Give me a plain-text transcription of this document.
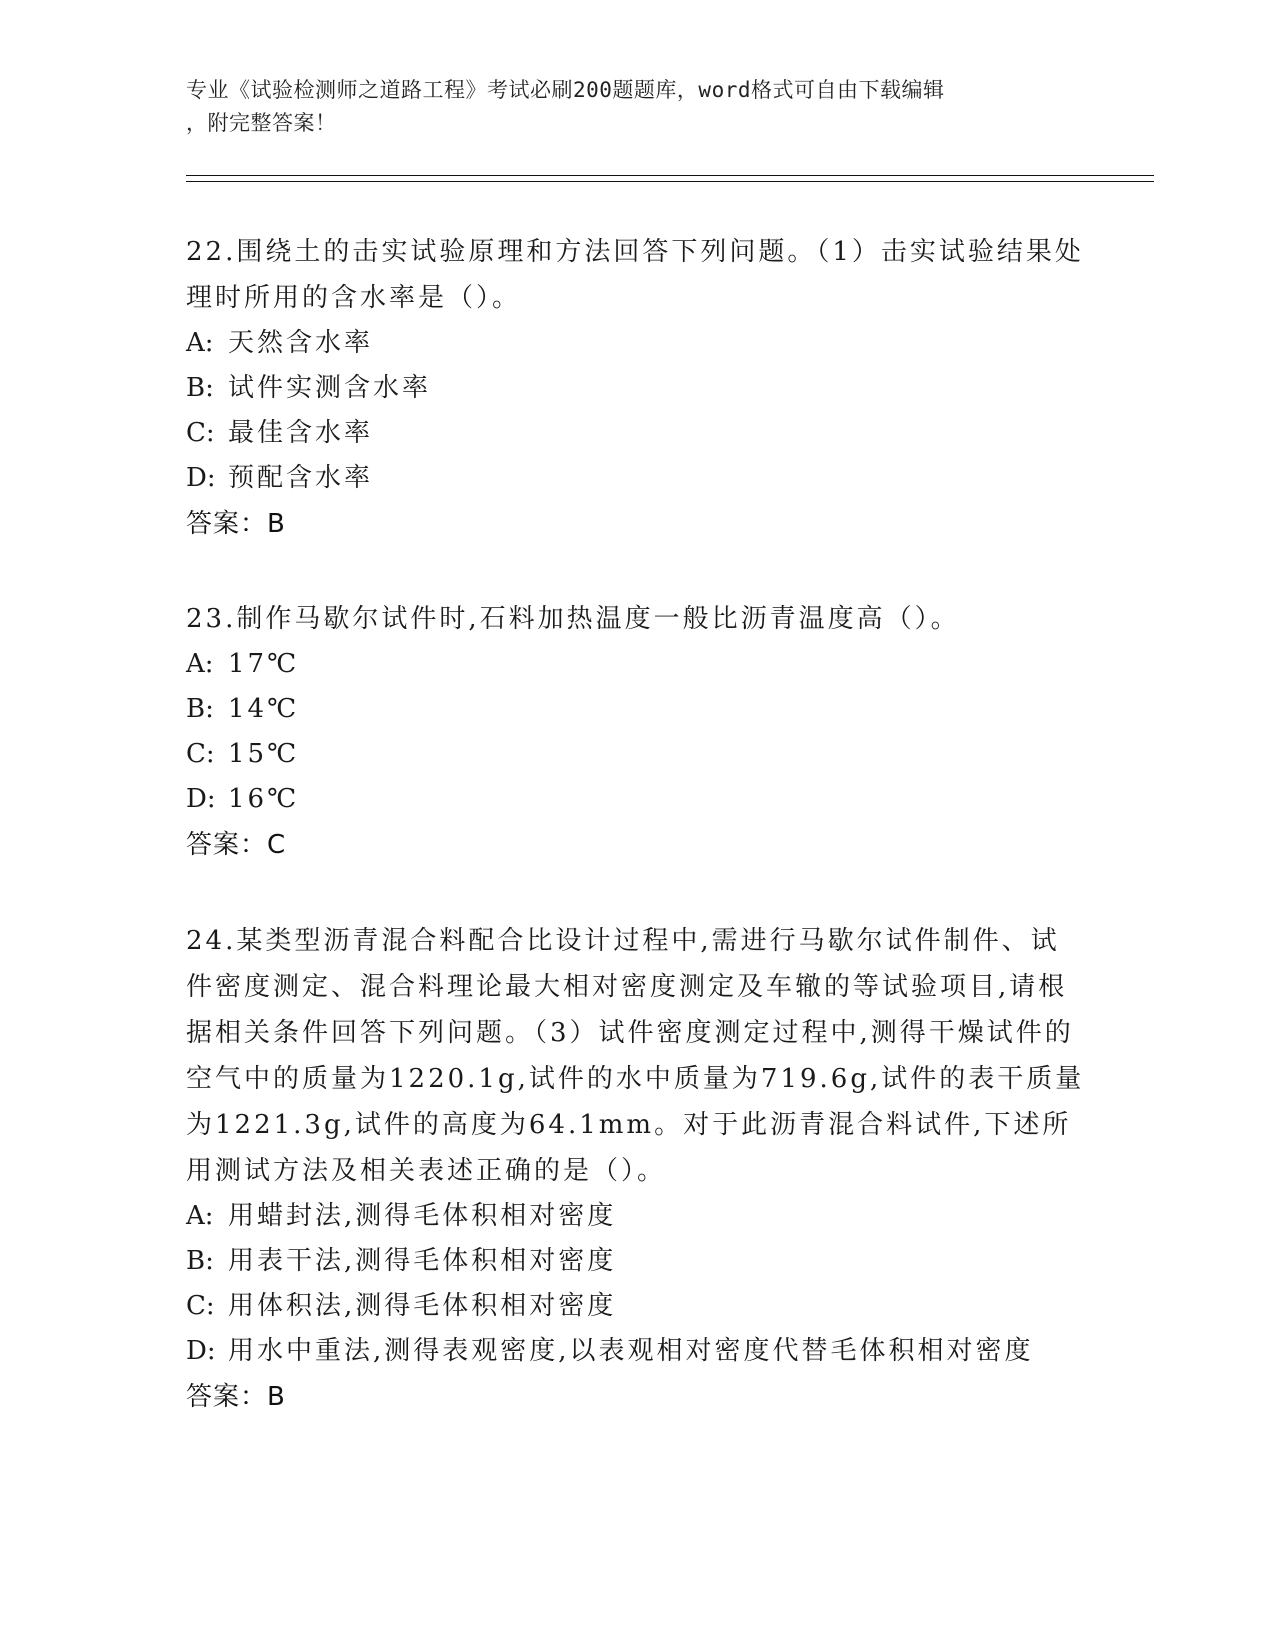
专业《试验检测师之道路工程》考试必刷200题题库，word格式可自由下载编辑
，附完整答案！

22.围绕土的击实试验原理和方法回答下列问题。（1）击实试验结果处理时所用的含水率是（）。

A: 天然含水率

B: 试件实测含水率

C: 最佳含水率

D: 预配含水率

答案：B

23.制作马歇尔试件时,石料加热温度一般比沥青温度高（）。

A: 17℃

B: 14℃

C: 15℃

D: 16℃

答案：C

24.某类型沥青混合料配合比设计过程中,需进行马歇尔试件制件、试件密度测定、混合料理论最大相对密度测定及车辙的等试验项目,请根据相关条件回答下列问题。（3）试件密度测定过程中,测得干燥试件的空气中的质量为1220.1g,试件的水中质量为719.6g,试件的表干质量为1221.3g,试件的高度为64.1mm。对于此沥青混合料试件,下述所用测试方法及相关表述正确的是（）。

A: 用蜡封法,测得毛体积相对密度

B: 用表干法,测得毛体积相对密度

C: 用体积法,测得毛体积相对密度

D: 用水中重法,测得表观密度,以表观相对密度代替毛体积相对密度

答案：B
